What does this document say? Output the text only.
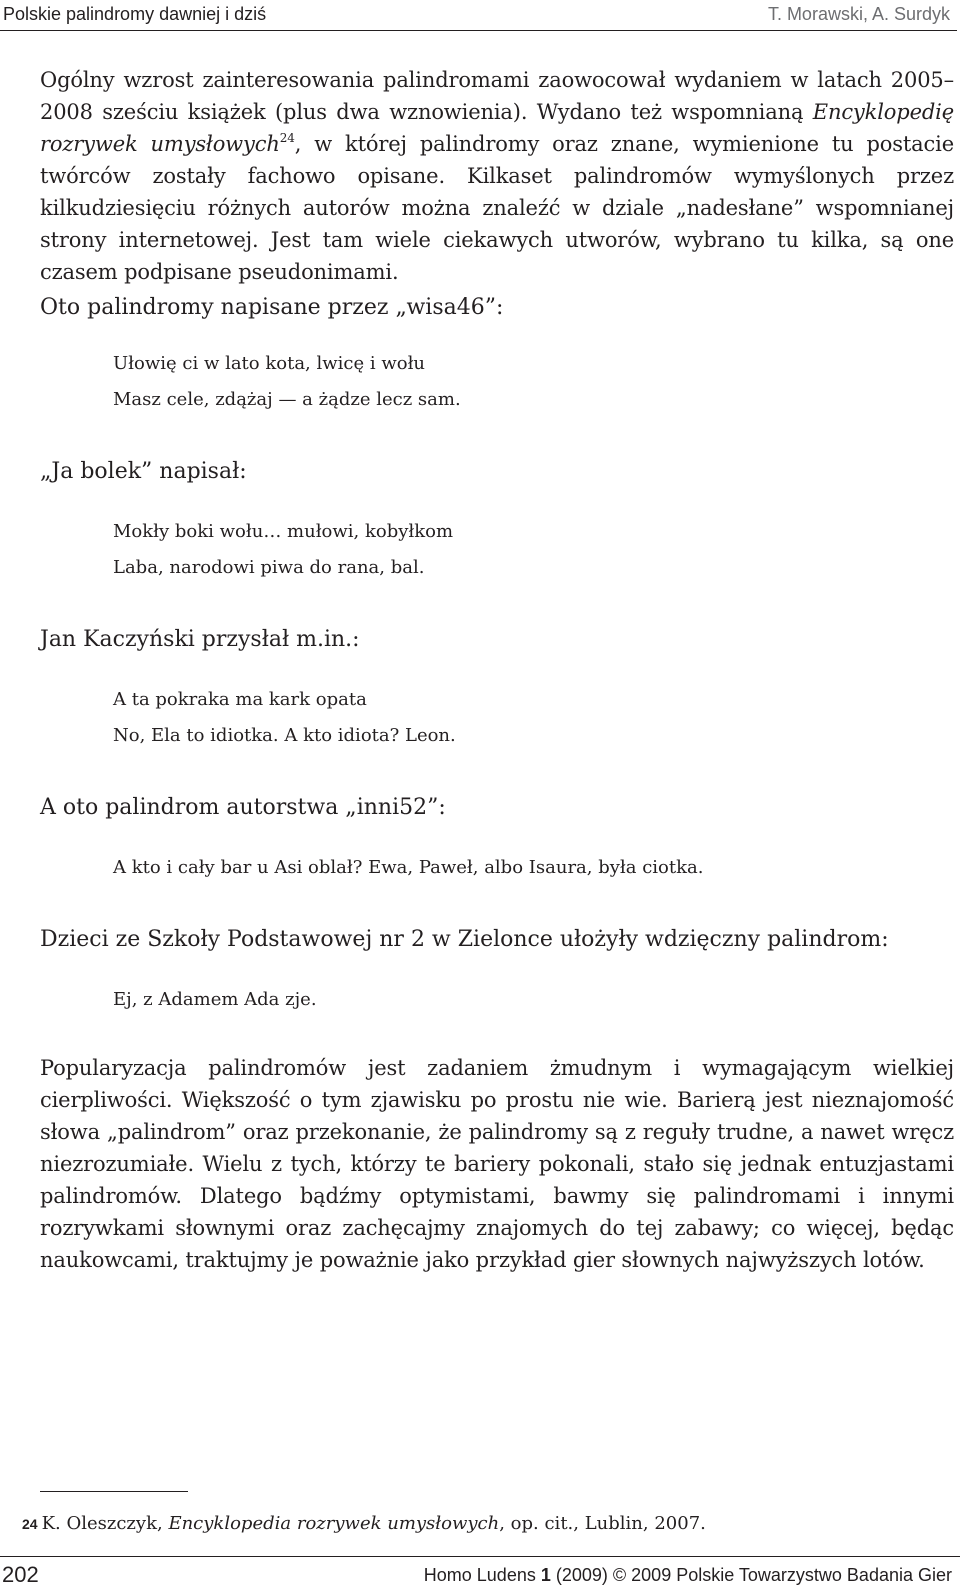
Polskie palindromy dawniej i dziś	T. Morawski, A. Surdyk

Ogólny wzrost zainteresowania palindromami zaowocował wydaniem w latach 2005–2008 sześciu książek (plus dwa wznowienia). Wydano też wspomnianą Encyklopedię rozrywek umysłowych$^{24}$, w której palindromy oraz znane, wymienione tu postacie twórców zostały fachowo opisane. Kilkaset palindromów wymyślonych przez kilkudziesięciu różnych autorów można znaleźć w dziale „nadesłane” wspomnianej strony internetowej. Jest tam wiele ciekawych utworów, wybrano tu kilka, są one czasem podpisane pseudonimami.

Oto palindromy napisane przez „wisa46”:

Ułowię ci w lato kota, lwicę i wołu

Masz cele, zdążaj — a żądze lecz sam.

„Ja bolek” napisał:

Mokły boki wołu… mułowi, kobyłkom

Laba, narodowi piwa do rana, bal.

Jan Kaczyński przysłał m.in.:

A ta pokraka ma kark opata

No, Ela to idiotka. A kto idiota? Leon.

A oto palindrom autorstwa „inni52”:

A kto i cały bar u Asi oblał? Ewa, Paweł, albo Isaura, była ciotka.

Dzieci ze Szkoły Podstawowej nr 2 w Zielonce ułożyły wdzięczny palindrom:

Ej, z Adamem Ada zje.

Popularyzacja palindromów jest zadaniem żmudnym i wymagającym wielkiej cierpliwości. Większość o tym zjawisku po prostu nie wie. Barierą jest nieznajomość słowa „palindrom” oraz przekonanie, że palindromy są z reguły trudne, a nawet wręcz niezrozumiałe. Wielu z tych, którzy te bariery pokonali, stało się jednak entuzjastami palindromów. Dlatego bądźmy optymistami, bawmy się palindromami i innymi rozrywkami słownymi oraz zachęcajmy znajomych do tej zabawy; co więcej, będąc naukowcami, traktujmy je poważnie jako przykład gier słownych najwyższych lotów.

24 K. Oleszczyk, Encyklopedia rozrywek umysłowych, op. cit., Lublin, 2007.
202	Homo Ludens 1 (2009) © 2009 Polskie Towarzystwo Badania Gier
